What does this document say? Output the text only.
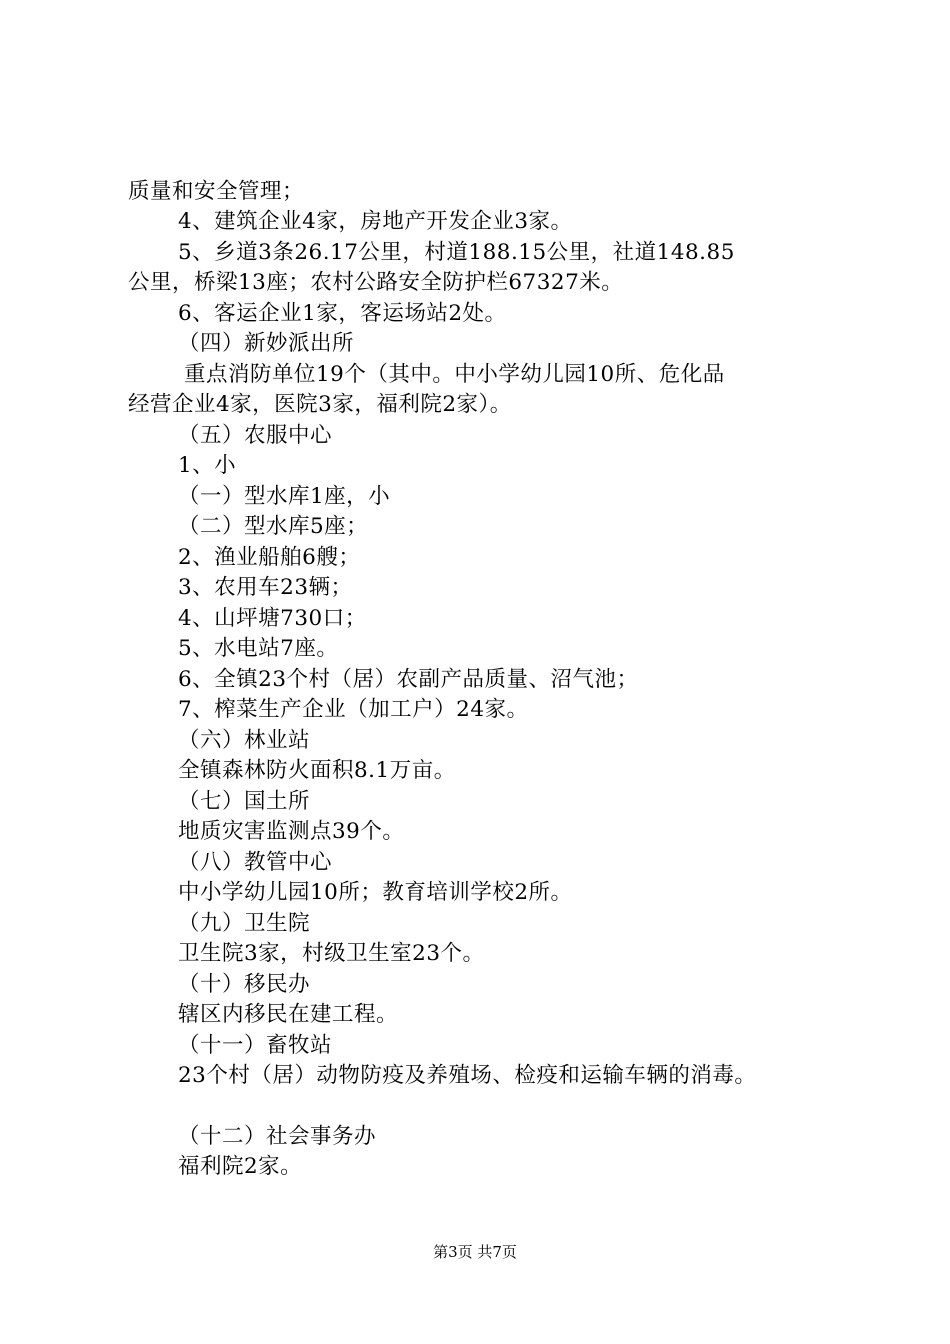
质量和安全管理；
4、建筑企业4家，房地产开发企业3家。
5、乡道3条26.17公里，村道188.15公里，社道148.85
公里，桥梁13座；农村公路安全防护栏67327米。
6、客运企业1家，客运场站2处。
（四）新妙派出所
重点消防单位19个（其中。中小学幼儿园10所、危化品
经营企业4家，医院3家，福利院2家）。
（五）农服中心
1、小
（一）型水库1座，小
（二）型水库5座；
2、渔业船舶6艘；
3、农用车23辆；
4、山坪塘730口；
5、水电站7座。
6、全镇23个村（居）农副产品质量、沼气池；
7、榨菜生产企业（加工户）24家。
（六）林业站
全镇森林防火面积8.1万亩。
（七）国土所
地质灾害监测点39个。
（八）教管中心
中小学幼儿园10所；教育培训学校2所。
（九）卫生院
卫生院3家，村级卫生室23个。
（十）移民办
辖区内移民在建工程。
（十一）畜牧站
23个村（居）动物防疫及养殖场、检疫和运输车辆的消毒。
（十二）社会事务办
福利院2家。
第3页 共7页
